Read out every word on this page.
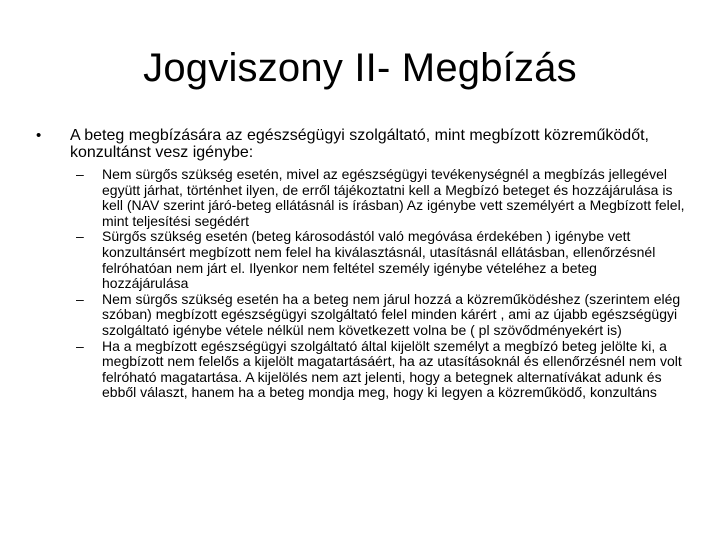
Jogviszony II- Megbízás
• A beteg megbízására az egészségügyi szolgáltató, mint megbízott közreműködőt, konzultánst vesz igénybe:
– Nem sürgős szükség esetén, mivel az egészségügyi tevékenységnél a megbízás jellegével együtt járhat, történhet ilyen, de erről tájékoztatni kell a Megbízó beteget és hozzájárulása is kell (NAV szerint járó-beteg ellátásnál is írásban) Az igénybe vett személyért a Megbízott felel, mint teljesítési segédért
– Sürgős szükség esetén (beteg károsodástól való megóvása érdekében ) igénybe vett konzultánsért megbízott nem felel ha kiválasztásnál, utasításnál ellátásban, ellenőrzésnél felróhatóan nem járt el. Ilyenkor nem feltétel személy igénybe vételéhez a beteg hozzájárulása
– Nem sürgős szükség esetén ha a beteg nem járul hozzá a közreműködéshez (szerintem elég szóban) megbízott egészségügyi szolgáltató felel minden kárért , ami az újabb egészségügyi szolgáltató igénybe vétele nélkül nem következett volna be ( pl szövődményekért is)
– Ha a megbízott egészségügyi szolgáltató által kijelölt személyt a megbízó beteg jelölte ki, a megbízott nem felelős a kijelölt magatartásáért, ha az utasításoknál és ellenőrzésnél nem volt felróható magatartása. A kijelölés nem azt jelenti, hogy a betegnek alternatívákat adunk és ebből választ, hanem ha a beteg mondja meg, hogy ki legyen a közreműködő, konzultáns
